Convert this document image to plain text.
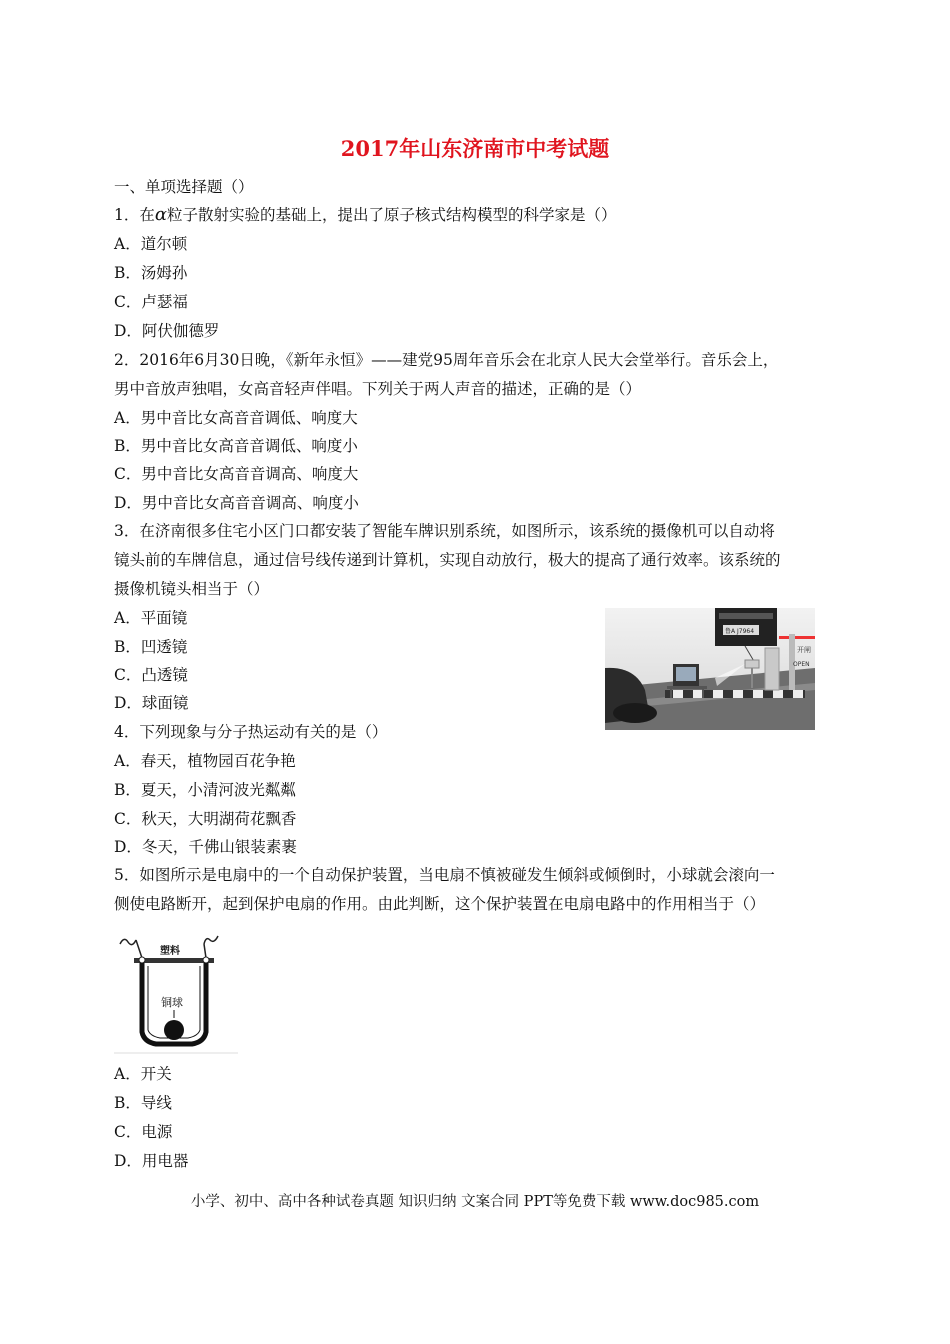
2017年山东济南市中考试题
一、单项选择题（）
1．在α粒子散射实验的基础上，提出了原子核式结构模型的科学家是（）
A．道尔顿
B．汤姆孙
C．卢瑟福
D．阿伏伽德罗
2．2016年6月30日晚，《新年永恒》——建党95周年音乐会在北京人民大会堂举行。音乐会上，
男中音放声独唱，女高音轻声伴唱。下列关于两人声音的描述，正确的是（）
A．男中音比女高音音调低、响度大
B．男中音比女高音音调低、响度小
C．男中音比女高音音调高、响度大
D．男中音比女高音音调高、响度小
3．在济南很多住宅小区门口都安装了智能车牌识别系统，如图所示，该系统的摄像机可以自动将
镜头前的车牌信息，通过信号线传递到计算机，实现自动放行，极大的提高了通行效率。该系统的
摄像机镜头相当于（）
A．平面镜
B．凹透镜
C．凸透镜
D．球面镜
鲁A J7964
开闸
OPEN
4．下列现象与分子热运动有关的是（）
A．春天，植物园百花争艳
B．夏天，小清河波光粼粼
C．秋天，大明湖荷花飘香
D．冬天，千佛山银装素裹
5．如图所示是电扇中的一个自动保护装置，当电扇不慎被碰发生倾斜或倾倒时，小球就会滚向一
侧使电路断开，起到保护电扇的作用。由此判断，这个保护装置在电扇电路中的作用相当于（）
塑料
铜球
A．开关
B．导线
C．电源
D．用电器
小学、初中、高中各种试卷真题 知识归纳 文案合同 PPT等免费下载 www.doc985.com
